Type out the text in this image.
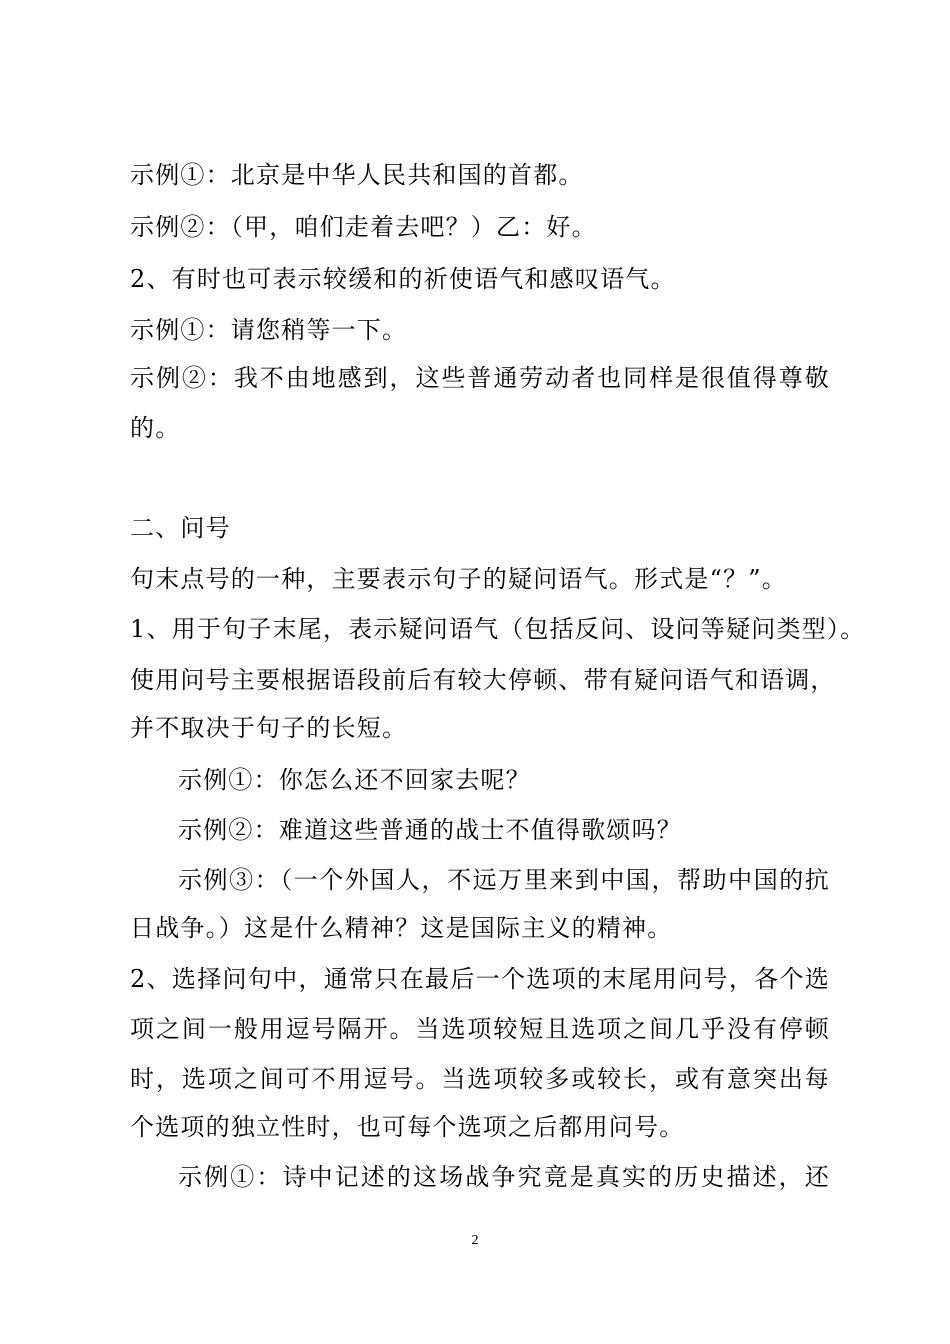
示例①：北京是中华人民共和国的首都。
示例②：（甲，咱们走着去吧？）乙：好。
2、有时也可表示较缓和的祈使语气和感叹语气。
示例①：请您稍等一下。
示例②：我不由地感到，这些普通劳动者也同样是很值得尊敬
的。
二、问号
句末点号的一种，主要表示句子的疑问语气。形式是“？”。
1、用于句子末尾，表示疑问语气（包括反问、设问等疑问类型）。
使用问号主要根据语段前后有较大停顿、带有疑问语气和语调，
并不取决于句子的长短。
示例①：你怎么还不回家去呢？
示例②：难道这些普通的战士不值得歌颂吗？
示例③：（一个外国人，不远万里来到中国，帮助中国的抗
日战争。）这是什么精神？这是国际主义的精神。
2、选择问句中，通常只在最后一个选项的末尾用问号，各个选
项之间一般用逗号隔开。当选项较短且选项之间几乎没有停顿
时，选项之间可不用逗号。当选项较多或较长，或有意突出每
个选项的独立性时，也可每个选项之后都用问号。
示例①：诗中记述的这场战争究竟是真实的历史描述，还
2
